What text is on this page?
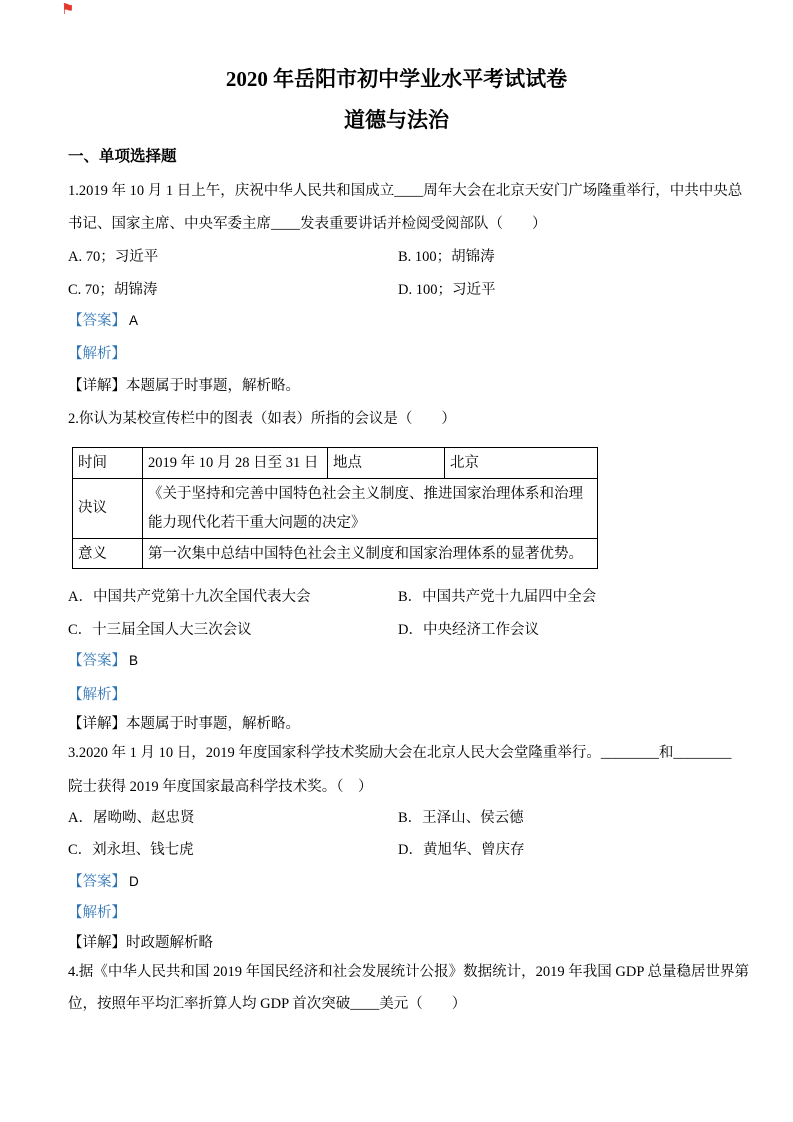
⚑
2020 年岳阳市初中学业水平考试试卷
道德与法治
一、单项选择题
1.2019 年 10 月 1 日上午，庆祝中华人民共和国成立____周年大会在北京天安门广场隆重举行，中共中央总
书记、国家主席、中央军委主席____发表重要讲话并检阅受阅部队（　　）
A. 70；习近平	B. 100；胡锦涛
C. 70；胡锦涛	D. 100；习近平
【答案】 A
【解析】
【详解】本题属于时事题，解析略。
2.你认为某校宣传栏中的图表（如表）所指的会议是（　　）
时间	2019 年 10 月 28 日至 31 日	地点	北京
决议	《关于坚持和完善中国特色社会主义制度、推进国家治理体系和治理能力现代化若干重大问题的决定》		
意义	第一次集中总结中国特色社会主义制度和国家治理体系的显著优势。		
A．中国共产党第十九次全国代表大会	B．中国共产党十九届四中全会
C．十三届全国人大三次会议	D．中央经济工作会议
【答案】 B
【解析】
【详解】本题属于时事题，解析略。
3.2020 年 1 月 10 日，2019 年度国家科学技术奖励大会在北京人民大会堂隆重举行。________和________
院士获得 2019 年度国家最高科学技术奖。（　）
A．屠呦呦、赵忠贤	B．王泽山、侯云德
C．刘永坦、钱七虎	D．黄旭华、曾庆存
【答案】 D
【解析】
【详解】时政题解析略
4.据《中华人民共和国 2019 年国民经济和社会发展统计公报》数据统计，2019 年我国 GDP 总量稳居世界第
位，按照年平均汇率折算人均 GDP 首次突破____美元（　　）
